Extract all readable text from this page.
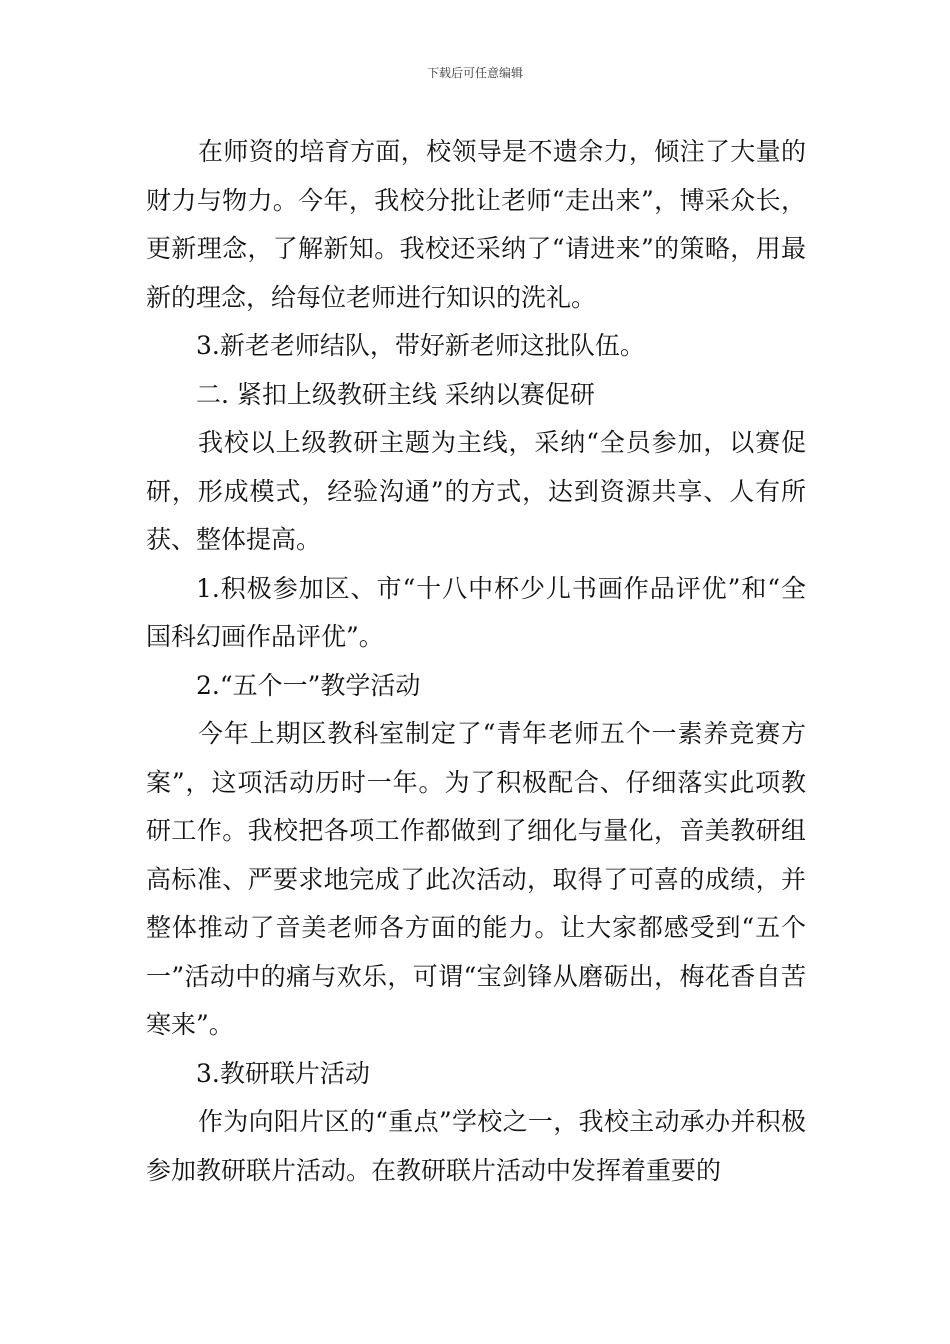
下载后可任意编辑

在师资的培育方面，校领导是不遗余力，倾注了大量的财力与物力。今年，我校分批让老师“走出来”，博采众长，更新理念，了解新知。我校还采纳了“请进来”的策略，用最新的理念，给每位老师进行知识的洗礼。

3.新老老师结队，带好新老师这批队伍。

二. 紧扣上级教研主线 采纳以赛促研

我校以上级教研主题为主线，采纳“全员参加，以赛促研，形成模式，经验沟通”的方式，达到资源共享、人有所获、整体提高。

1.积极参加区、市“十八中杯少儿书画作品评优”和“全国科幻画作品评优”。

2.“五个一”教学活动

今年上期区教科室制定了“青年老师五个一素养竞赛方案”，这项活动历时一年。为了积极配合、仔细落实此项教研工作。我校把各项工作都做到了细化与量化，音美教研组高标准、严要求地完成了此次活动，取得了可喜的成绩，并整体推动了音美老师各方面的能力。让大家都感受到“五个一”活动中的痛与欢乐，可谓“宝剑锋从磨砺出，梅花香自苦寒来”。

3.教研联片活动

作为向阳片区的“重点”学校之一，我校主动承办并积极参加教研联片活动。在教研联片活动中发挥着重要的
